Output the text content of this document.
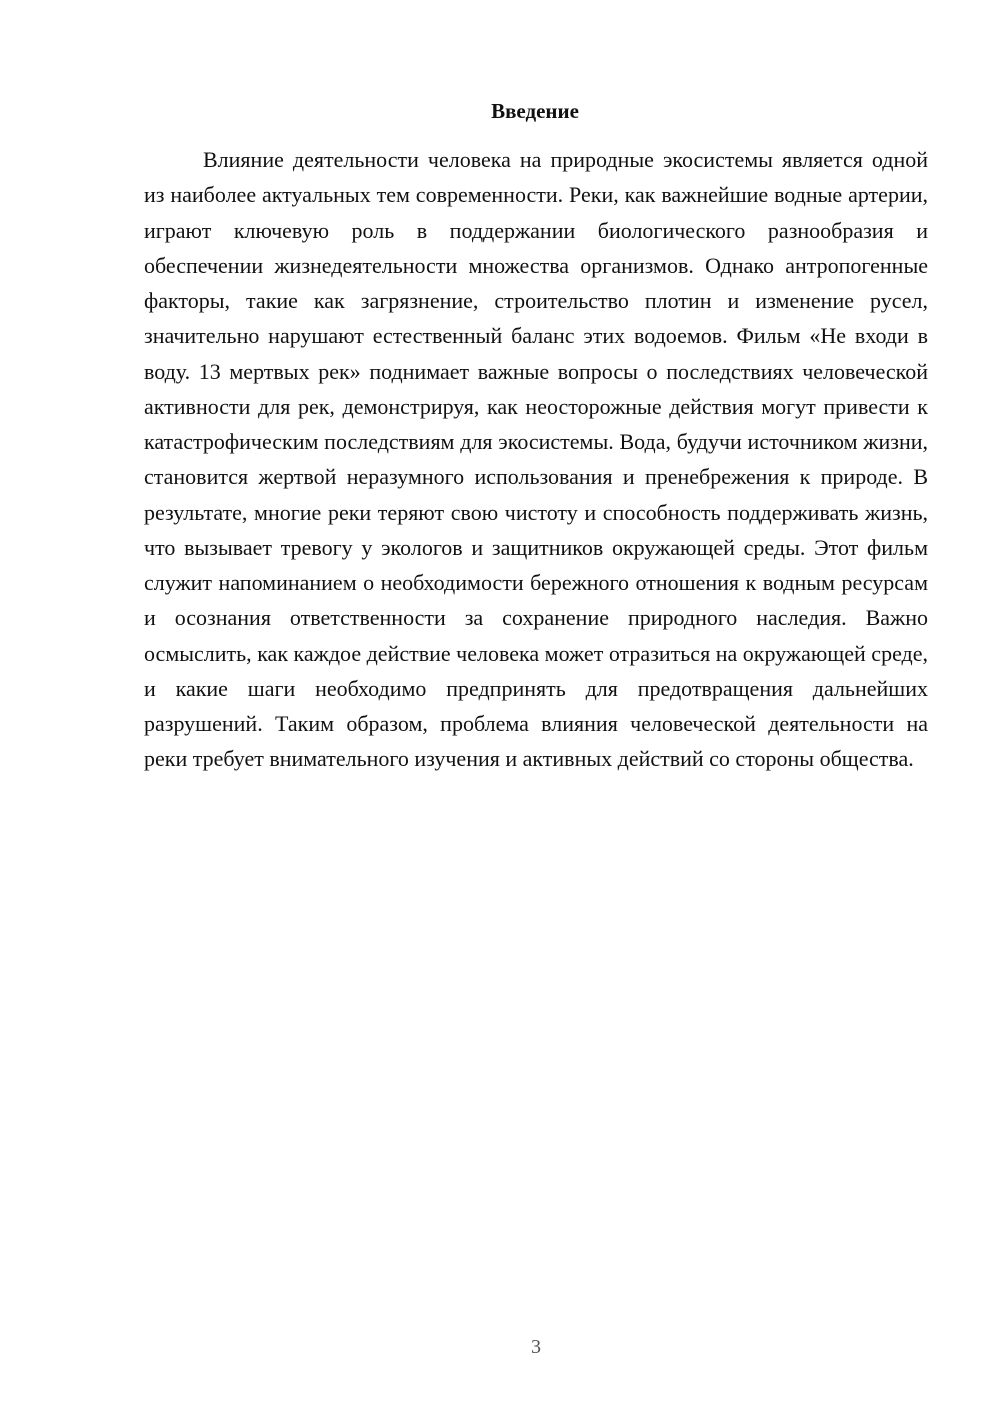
Введение

Влияние деятельности человека на природные экосистемы является одной из наиболее актуальных тем современности. Реки, как важнейшие водные артерии, играют ключевую роль в поддержании биологического разнообразия и обеспечении жизнедеятельности множества организмов. Однако антропогенные факторы, такие как загрязнение, строительство плотин и изменение русел, значительно нарушают естественный баланс этих водоемов. Фильм «Не входи в воду. 13 мертвых рек» поднимает важные вопросы о последствиях человеческой активности для рек, демонстрируя, как неосторожные действия могут привести к катастрофическим последствиям для экосистемы. Вода, будучи источником жизни, становится жертвой неразумного использования и пренебрежения к природе. В результате, многие реки теряют свою чистоту и способность поддерживать жизнь, что вызывает тревогу у экологов и защитников окружающей среды. Этот фильм служит напоминанием о необходимости бережного отношения к водным ресурсам и осознания ответственности за сохранение природного наследия. Важно осмыслить, как каждое действие человека может отразиться на окружающей среде, и какие шаги необходимо предпринять для предотвращения дальнейших разрушений. Таким образом, проблема влияния человеческой деятельности на реки требует внимательного изучения и активных действий со стороны общества.

3
